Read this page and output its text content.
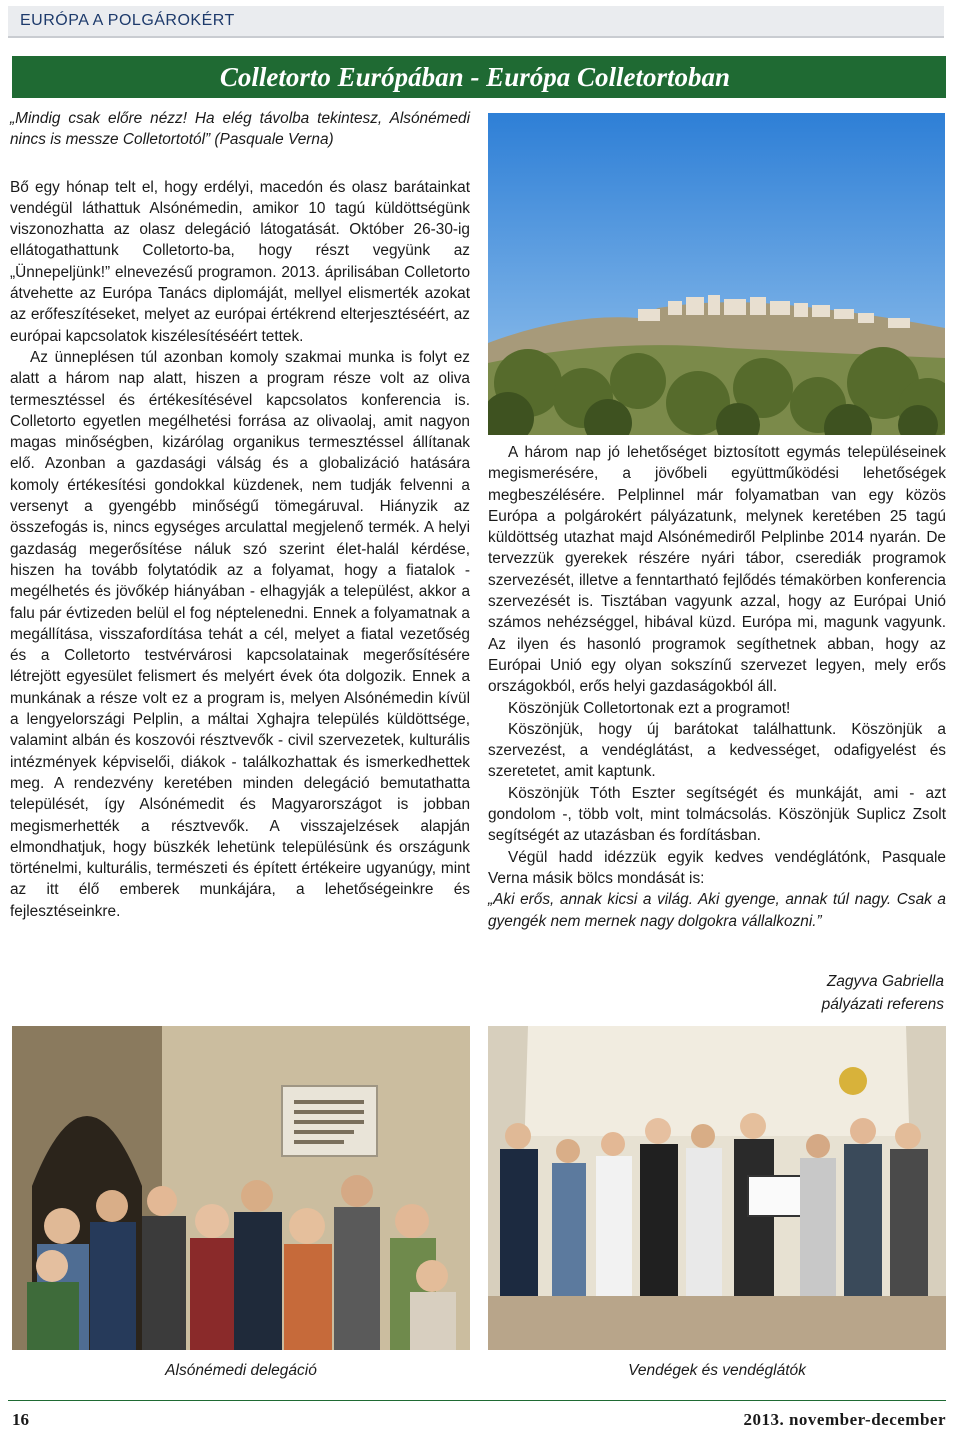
EURÓPA A POLGÁROKÉRT
Colletorto Európában - Európa Colletortoban

„Mindig csak előre nézz! Ha elég távolba tekintesz, Alsónémedi nincs is messze Colletortotól” (Pasquale Verna)

Bő egy hónap telt el, hogy erdélyi, macedón és olasz barátainkat vendégül láthattuk Alsónémedin, amikor 10 tagú küldöttségünk viszonozhatta az olasz delegáció látogatását. Október 26-30-ig ellátogathattunk Colletorto-ba, hogy részt vegyünk az „Ünnepeljünk!” elnevezésű programon. 2013. áprilisában Colletorto átvehette az Európa Tanács diplomáját, mellyel elismerték azokat az erőfeszítéseket, melyet az európai értékrend elterjesztéséért, az európai kapcsolatok kiszélesítéséért tettek.

Az ünneplésen túl azonban komoly szakmai munka is folyt ez alatt a három nap alatt, hiszen a program része volt az oliva termesztéssel és értékesítésével kapcsolatos konferencia is. Colletorto egyetlen megélhetési forrása az olivaolaj, amit nagyon magas minőségben, kizárólag organikus termesztéssel állítanak elő. Azonban a gazdasági válság és a globalizáció hatására komoly értékesítési gondokkal küzdenek, nem tudják felvenni a versenyt a gyengébb minőségű tömegáruval. Hiányzik az összefogás is, nincs egységes arculattal megjelenő termék. A helyi gazdaság megerősítése náluk szó szerint élet-halál kérdése, hiszen ha tovább folytatódik az a folyamat, hogy a fiatalok - megélhetés és jövőkép hiányában - elhagyják a települést, akkor a falu pár évtizeden belül el fog néptelenedni. Ennek a folyamatnak a megállítása, visszafordítása tehát a cél, melyet a fiatal vezetőség és a Colletorto testvérvárosi kapcsolatainak megerősítésére létrejött egyesület felismert és melyért évek óta dolgozik. Ennek a munkának a része volt ez a program is, melyen Alsónémedin kívül a lengyelországi Pelplin, a máltai Xghajra település küldöttsége, valamint albán és koszovói résztvevők - civil szervezetek, kulturális intézmények képviselői, diákok - találkozhattak és ismerkedhettek meg. A rendezvény keretében minden delegáció bemutathatta települését, így Alsónémedit és Magyarországot is jobban megismerhették a résztvevők. A visszajelzések alapján elmondhatjuk, hogy büszkék lehetünk településünk és országunk történelmi, kulturális, természeti és épített értékeire ugyanúgy, mint az itt élő emberek munkájára, a lehetőségeinkre és fejlesztéseinkre.

A három nap jó lehetőséget biztosított egymás településeinek megismerésére, a jövőbeli együttműködési lehetőségek megbeszélésére. Pelplinnel már folyamatban van egy közös Európa a polgárokért pályázatunk, melynek keretében 25 tagú küldöttség utazhat majd Alsónémediről Pelplinbe 2014 nyarán. De tervezzük gyerekek részére nyári tábor, cserediák programok szervezését, illetve a fenntartható fejlődés témakörben konferencia szervezését is. Tisztában vagyunk azzal, hogy az Európai Unió számos nehézséggel, hibával küzd. Európa mi, magunk vagyunk. Az ilyen és hasonló programok segíthetnek abban, hogy az Európai Unió egy olyan sokszínű szervezet legyen, mely erős országokból, erős helyi gazdaságokból áll.

Köszönjük Colletortonak ezt a programot!

Köszönjük, hogy új barátokat találhattunk. Köszönjük a szervezést, a vendéglátást, a kedvességet, odafigyelést és szeretetet, amit kaptunk.

Köszönjük Tóth Eszter segítségét és munkáját, ami - azt gondolom -, több volt, mint tolmácsolás. Köszönjük Suplicz Zsolt segítségét az utazásban és fordításban.

Végül hadd idézzük egyik kedves vendéglátónk, Pasquale Verna másik bölcs mondását is:

„Aki erős, annak kicsi a világ. Aki gyenge, annak túl nagy. Csak a gyengék nem mernek nagy dolgokra vállalkozni.”

Zagyva Gabriella
pályázati referens
Alsónémedi delegáció	Vendégek és vendéglátók
16	2013. november-december
